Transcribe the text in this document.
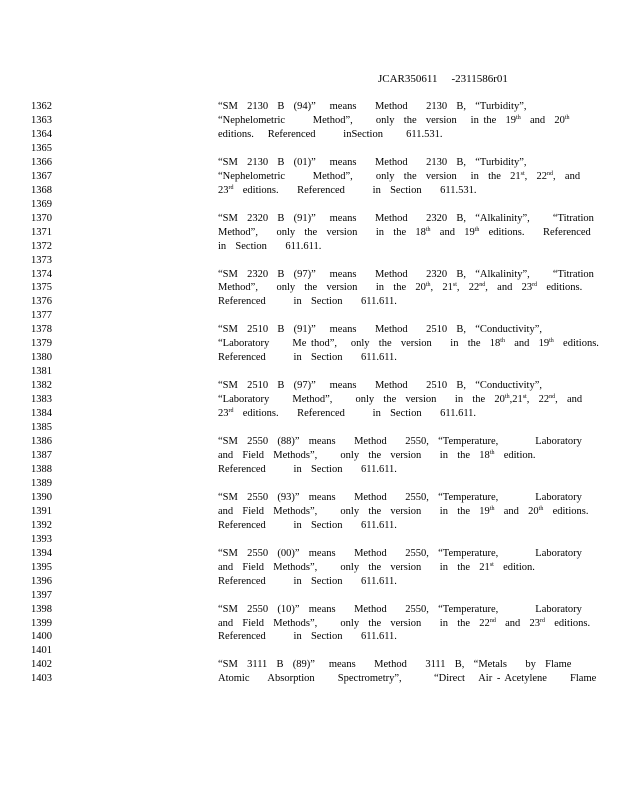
JCAR350611 -2311586r01
1362	“SM  2130  B  (94)”   means    Method    2130  B,  “Turbidity”,
1363	“Nephelometric      Method”,     only  the  version   in the  19th  and  20th
1364	editions.   Referenced      inSection     611.531.
1365
1366	“SM  2130  B  (01)”   means    Method    2130  B,  “Turbidity”,
1367	“Nephelometric      Method”,     only  the  version   in  the  21st,  22nd,  and
1368	23rd  editions.    Referenced      in  Section    611.531.
1369
1370	“SM  2320  B  (91)”   means    Method    2320  B,  “Alkalinity”,     “Titration
1371	Method”,    only  the  version    in  the  18th  and  19th  editions.    Referenced
1372	in  Section    611.611.
1373
1374	“SM  2320  B  (97)”   means    Method    2320  B,  “Alkalinity”,     “Titration
1375	Method”,    only  the  version    in  the  20th,  21st,  22nd,  and  23rd  editions.
1376	Referenced      in  Section    611.611.
1377
1378	“SM  2510  B  (91)”   means    Method    2510  B,  “Conductivity”,
1379	“Laboratory     Me thod”,   only  the  version    in  the  18th  and  19th  editions.
1380	Referenced      in  Section    611.611.
1381
1382	“SM  2510  B  (97)”   means    Method    2510  B,  “Conductivity”,
1383	“Laboratory     Method”,     only  the  version    in  the  20th,21st,  22nd,  and
1384	23rd  editions.    Referenced      in  Section    611.611.
1385
1386	“SM  2550  (88)”  means    Method    2550,  “Temperature,        Laboratory
1387	and  Field  Methods”,     only  the  version    in  the  18th  edition.
1388	Referenced      in  Section    611.611.
1389
1390	“SM  2550  (93)”  means    Method    2550,  “Temperature,        Laboratory
1391	and  Field  Methods”,     only  the  version    in  the  19th  and  20th  editions.
1392	Referenced      in  Section    611.611.
1393
1394	“SM  2550  (00)”  means    Method    2550,  “Temperature,        Laboratory
1395	and  Field  Methods”,     only  the  version    in  the  21st  edition.
1396	Referenced      in  Section    611.611.
1397
1398	“SM  2550  (10)”  means    Method    2550,  “Temperature,        Laboratory
1399	and  Field  Methods”,     only  the  version    in  the  22nd  and  23rd  editions.
1400	Referenced      in  Section    611.611.
1401
1402	“SM  3111  B  (89)”   means    Method    3111  B,  “Metals    by  Flame
1403	Atomic    Absorption     Spectrometry”,       “Direct   Air - Acetylene     Flame
